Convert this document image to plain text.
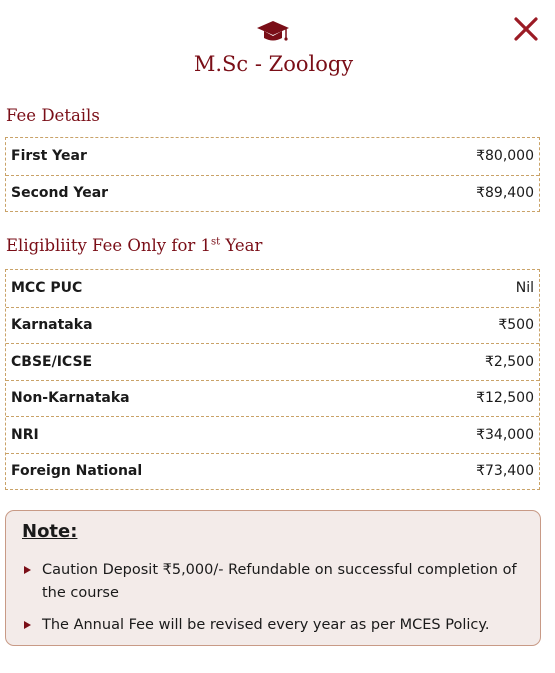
M.Sc - Zoology
Fee Details
First Year	₹80,000
Second Year	₹89,400
Eligibliity Fee Only for 1st Year
MCC PUC	Nil
Karnataka	₹500
CBSE/ICSE	₹2,500
Non-Karnataka	₹12,500
NRI	₹34,000
Foreign National	₹73,400
Note:
Caution Deposit ₹5,000/- Refundable on successful completion of the course
The Annual Fee will be revised every year as per MCES Policy.
